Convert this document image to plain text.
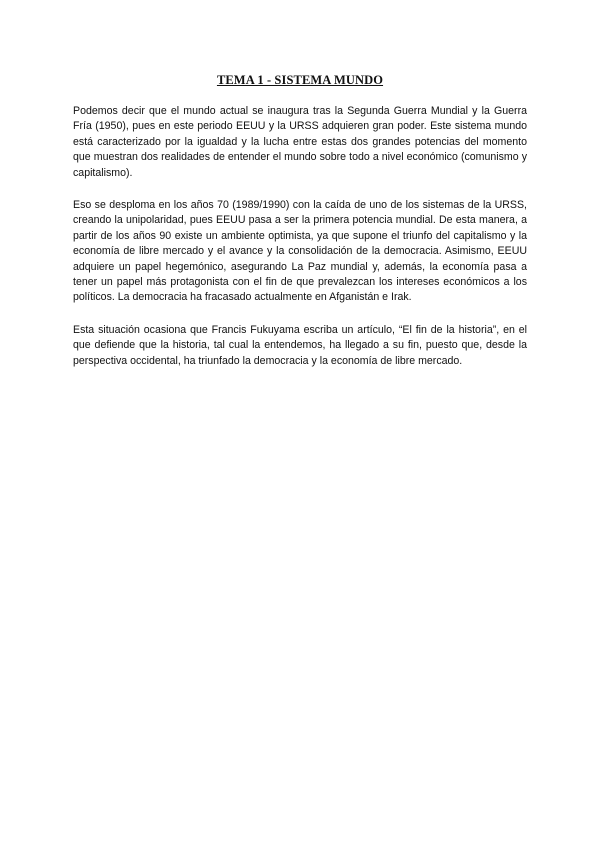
TEMA 1 - SISTEMA MUNDO

Podemos decir que el mundo actual se inaugura tras la Segunda Guerra Mundial y la Guerra Fría (1950), pues en este periodo EEUU y la URSS adquieren gran poder. Este sistema mundo está caracterizado por la igualdad y la lucha entre estas dos grandes potencias del momento que muestran dos realidades de entender el mundo sobre todo a nivel económico (comunismo y capitalismo).

Eso se desploma en los años 70 (1989/1990) con la caída de uno de los sistemas de la URSS, creando la unipolaridad, pues EEUU pasa a ser la primera potencia mundial. De esta manera, a partir de los años 90 existe un ambiente optimista, ya que supone el triunfo del capitalismo y la economía de libre mercado y el avance y la consolidación de la democracia. Asimismo, EEUU adquiere un papel hegemónico, asegurando La Paz mundial y, además, la economía pasa a tener un papel más protagonista con el fin de que prevalezcan los intereses económicos a los políticos. La democracia ha fracasado actualmente en Afganistán e Irak.

Esta situación ocasiona que Francis Fukuyama escriba un artículo, “El fin de la historia”, en el que defiende que la historia, tal cual la entendemos, ha llegado a su fin, puesto que, desde la perspectiva occidental, ha triunfado la democracia y la economía de libre mercado.
